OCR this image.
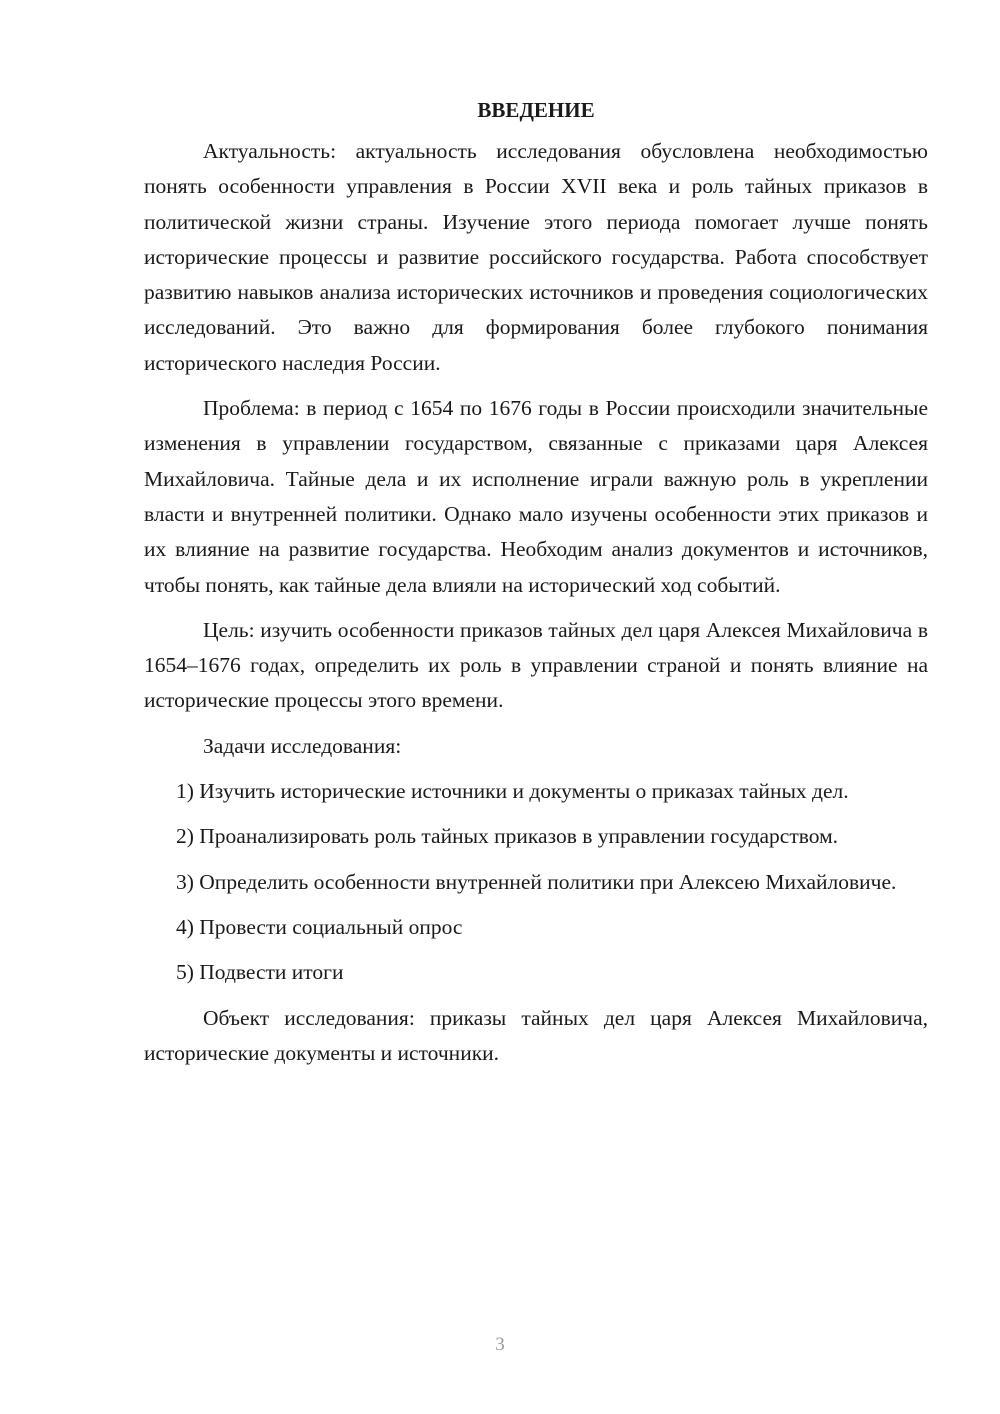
ВВЕДЕНИЕ

Актуальность: актуальность исследования обусловлена необходимостью понять особенности управления в России XVII века и роль тайных приказов в политической жизни страны. Изучение этого периода помогает лучше понять исторические процессы и развитие российского государства. Работа способствует развитию навыков анализа исторических источников и проведения социологических исследований. Это важно для формирования более глубокого понимания исторического наследия России.

Проблема: в период с 1654 по 1676 годы в России происходили значительные изменения в управлении государством, связанные с приказами царя Алексея Михайловича. Тайные дела и их исполнение играли важную роль в укреплении власти и внутренней политики. Однако мало изучены особенности этих приказов и их влияние на развитие государства. Необходим анализ документов и источников, чтобы понять, как тайные дела влияли на исторический ход событий.

Цель: изучить особенности приказов тайных дел царя Алексея Михайловича в 1654–1676 годах, определить их роль в управлении страной и понять влияние на исторические процессы этого времени.

Задачи исследования:

1) Изучить исторические источники и документы о приказах тайных дел.

2) Проанализировать роль тайных приказов в управлении государством.

3) Определить особенности внутренней политики при Алексею Михайловиче.

4) Провести социальный опрос

5) Подвести итоги

Объект исследования: приказы тайных дел царя Алексея Михайловича, исторические документы и источники.

3
